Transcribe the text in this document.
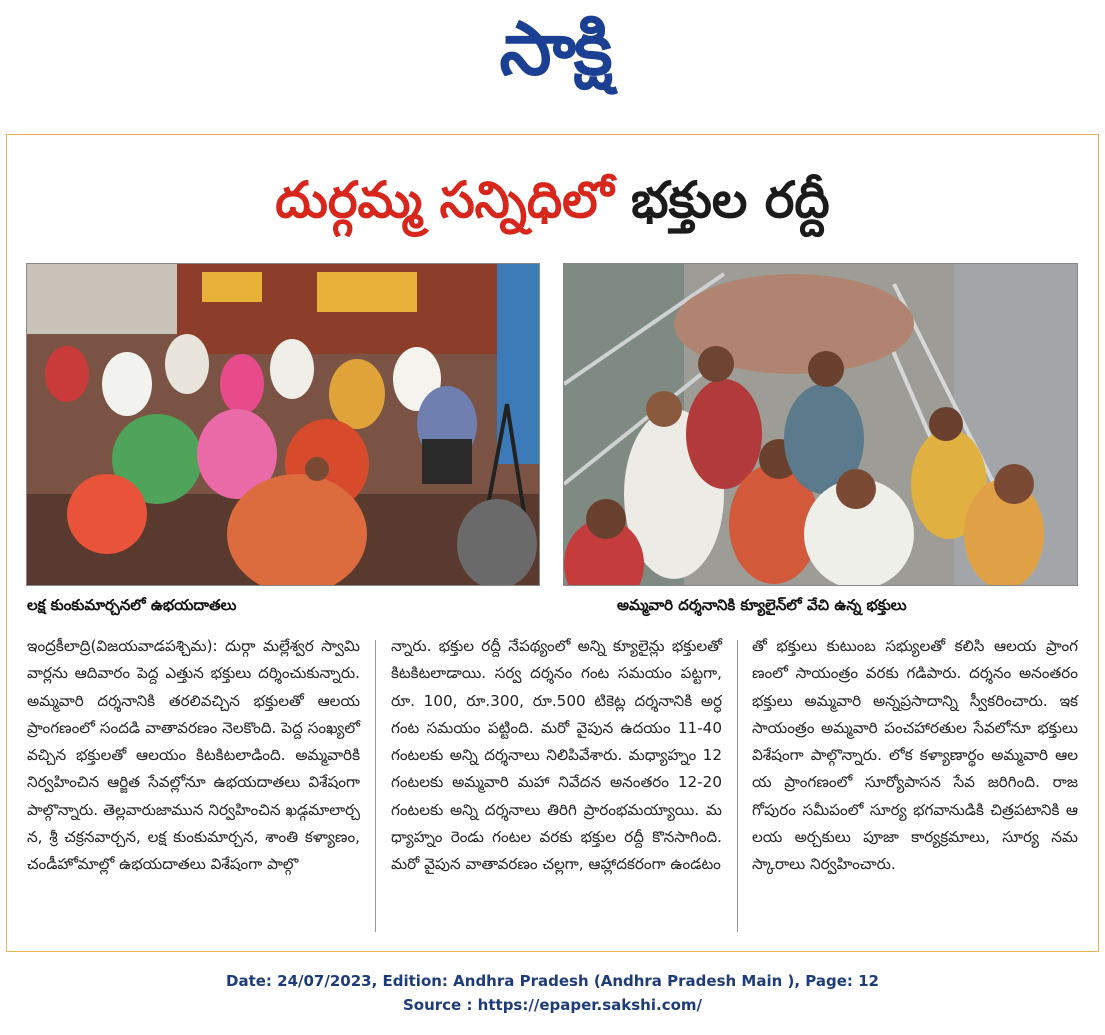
సాక్షి
దుర్గమ్మ సన్నిధిలో భక్తుల రద్దీ
లక్ష కుంకుమార్చనలో ఉభయదాతలు	అమ్మవారి దర్శనానికి క్యూలైన్‌లో వేచి ఉన్న భక్తులు
ఇంద్రకీలాద్రి(విజయవాడపశ్చిమ): దుర్గా మల్లేశ్వర స్వామి వార్లను ఆదివారం పెద్ద ఎత్తున భక్తులు దర్శించుకున్నారు. అమ్మవారి దర్శనానికి తరలివచ్చిన భక్తులతో ఆలయ ప్రాంగణంలో సందడి వాతావరణం నెలకొంది. పెద్ద సంఖ్యలో వచ్చిన భక్తులతో ఆలయం కిటకిటలాడింది. అమ్మవారికి నిర్వహించిన ఆర్జిత సేవల్లోనూ ఉభయదాతలు విశేషంగా పాల్గొన్నారు. తెల్లవారుజామున నిర్వహించిన ఖడ్గమాలార్చన, శ్రీ చక్రనవార్చన, లక్ష కుంకుమార్చన, శాంతి కళ్యాణం, చండీహోమాల్లో ఉభయదాతలు విశేషంగా పాల్గొ
న్నారు. భక్తుల రద్దీ నేపథ్యంలో అన్ని క్యూలైన్లు భక్తులతో కిటకిటలాడాయి. సర్వ దర్శనం గంట సమయం పట్టగా, రూ. 100, రూ.300, రూ.500 టికెట్ల దర్శనానికి అర్ధగంట సమయం పట్టింది. మరో వైపున ఉదయం 11-40 గంటలకు అన్ని దర్శనాలు నిలిపివేశారు. మధ్యాహ్నం 12 గంటలకు అమ్మవారి మహా నివేదన అనంతరం 12-20 గంటలకు అన్ని దర్శనాలు తిరిగి ప్రారంభమయ్యాయి. మధ్యాహ్నం రెండు గంటల వరకు భక్తుల రద్దీ కొనసాగింది. మరో వైపున వాతావరణం చల్లగా, ఆహ్లాదకరంగా ఉండటం
తో భక్తులు కుటుంబ సభ్యులతో కలిసి ఆలయ ప్రాంగణంలో సాయంత్రం వరకు గడిపారు. దర్శనం అనంతరం భక్తులు అమ్మవారి అన్నప్రసాదాన్ని స్వీకరించారు. ఇక సాయంత్రం అమ్మవారి పంచహారతుల సేవలోనూ భక్తులు విశేషంగా పాల్గొన్నారు. లోక కళ్యాణార్థం అమ్మవారి ఆలయ ప్రాంగణంలో సూర్యోపాసన సేవ జరిగింది. రాజగోపురం సమీపంలో సూర్య భగవానుడికి చిత్రపటానికి ఆలయ అర్చకులు పూజా కార్యక్రమాలు, సూర్య నమస్కారాలు నిర్వహించారు.
Date: 24/07/2023, Edition: Andhra Pradesh (Andhra Pradesh Main ), Page: 12
Source : https://epaper.sakshi.com/
